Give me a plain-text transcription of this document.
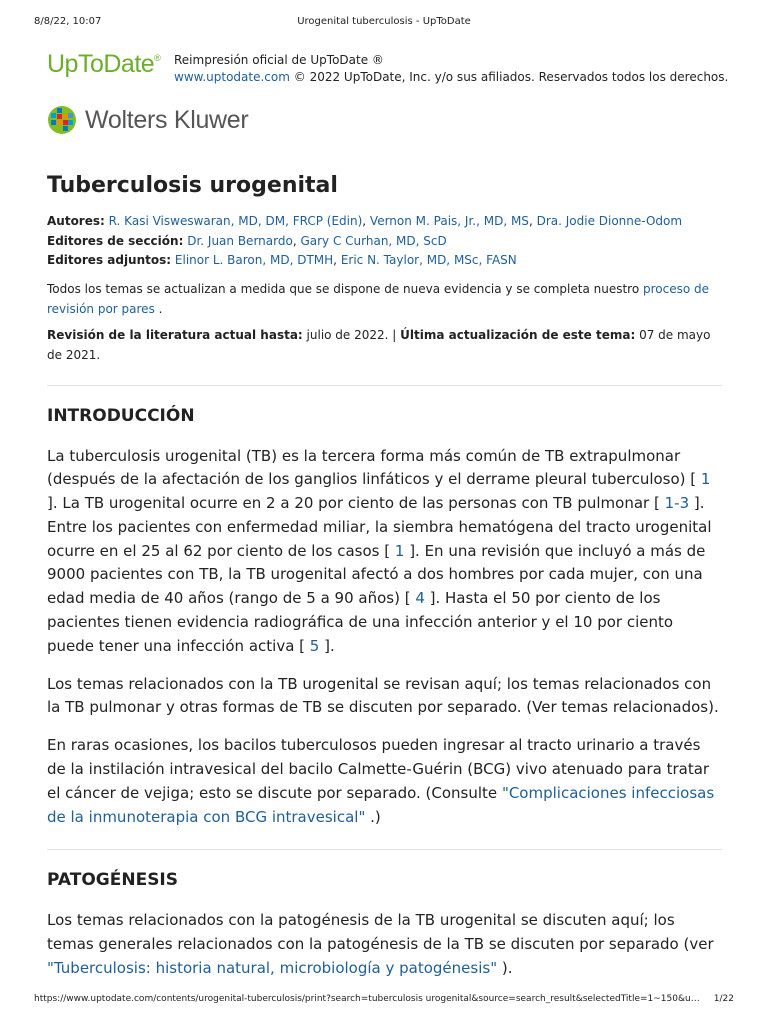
8/8/22, 10:07	Urogenital tuberculosis - UpToDate
UpToDate® Reimpresión oficial de UpToDate ®
www.uptodate.com © 2022 UpToDate, Inc. y/o sus afiliados. Reservados todos los derechos.
Wolters Kluwer
Tuberculosis urogenital
Autores: R. Kasi Visweswaran, MD, DM, FRCP (Edin), Vernon M. Pais, Jr., MD, MS, Dra. Jodie Dionne-Odom
Editores de sección: Dr. Juan Bernardo, Gary C Curhan, MD, ScD
Editores adjuntos: Elinor L. Baron, MD, DTMH, Eric N. Taylor, MD, MSc, FASN
Todos los temas se actualizan a medida que se dispone de nueva evidencia y se completa nuestro proceso de revisión por pares .
Revisión de la literatura actual hasta: julio de 2022. | Última actualización de este tema: 07 de mayo de 2021.
INTRODUCCIÓN

La tuberculosis urogenital (TB) es la tercera forma más común de TB extrapulmonar (después de la afectación de los ganglios linfáticos y el derrame pleural tuberculoso) [ 1 ]. La TB urogenital ocurre en 2 a 20 por ciento de las personas con TB pulmonar [ 1-3 ]. Entre los pacientes con enfermedad miliar, la siembra hematógena del tracto urogenital ocurre en el 25 al 62 por ciento de los casos [ 1 ]. En una revisión que incluyó a más de 9000 pacientes con TB, la TB urogenital afectó a dos hombres por cada mujer, con una edad media de 40 años (rango de 5 a 90 años) [ 4 ]. Hasta el 50 por ciento de los pacientes tienen evidencia radiográfica de una infección anterior y el 10 por ciento puede tener una infección activa [ 5 ].

Los temas relacionados con la TB urogenital se revisan aquí; los temas relacionados con la TB pulmonar y otras formas de TB se discuten por separado. (Ver temas relacionados).

En raras ocasiones, los bacilos tuberculosos pueden ingresar al tracto urinario a través de la instilación intravesical del bacilo Calmette-Guérin (BCG) vivo atenuado para tratar el cáncer de vejiga; esto se discute por separado. (Consulte "Complicaciones infecciosas de la inmunoterapia con BCG intravesical" .)

PATOGÉNESIS

Los temas relacionados con la patogénesis de la TB urogenital se discuten aquí; los temas generales relacionados con la patogénesis de la TB se discuten por separado (ver "Tuberculosis: historia natural, microbiología y patogénesis" ).

https://www.uptodate.com/contents/urogenital-tuberculosis/print?search=tuberculosis urogenital&source=search_result&selectedTitle=1~150&us…	1/22
